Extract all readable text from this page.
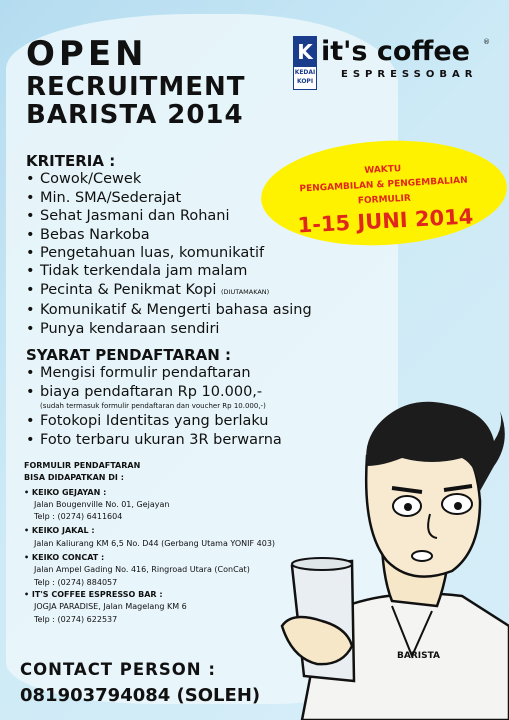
OPEN
RECRUITMENT
BARISTA 2014
K
KEDAI
KOPI
it's coffee ®
ESPRESSOBAR
KRITERIA :
• Cowok/Cewek
• Min. SMA/Sederajat
• Sehat Jasmani dan Rohani
• Bebas Narkoba
• Pengetahuan luas, komunikatif
• Tidak terkendala jam malam
• Pecinta & Penikmat Kopi (DIUTAMAKAN)
• Komunikatif & Mengerti bahasa asing
• Punya kendaraan sendiri
SYARAT PENDAFTARAN :
• Mengisi formulir pendaftaran
• biaya pendaftaran Rp 10.000,-
(sudah termasuk formulir pendaftaran dan voucher Rp 10.000,-)
• Fotokopi Identitas yang berlaku
• Foto terbaru ukuran 3R berwarna
FORMULIR PENDAFTARAN
BISA DIDAPATKAN DI :
• KEIKO GEJAYAN :
Jalan Bougenville No. 01, Gejayan
Telp : (0274) 6411604
• KEIKO JAKAL :
Jalan Kaliurang KM 6,5 No. D44 (Gerbang Utama YONIF 403)
• KEIKO CONCAT :
Jalan Ampel Gading No. 416, Ringroad Utara (ConCat)
Telp : (0274) 884057
• IT'S COFFEE ESPRESSO BAR :
JOGJA PARADISE, Jalan Magelang KM 6
Telp : (0274) 622537
CONTACT PERSON :
081903794084 (SOLEH)
WAKTU
PENGAMBILAN & PENGEMBALIAN
FORMULIR
1-15 JUNI 2014
BARISTA
